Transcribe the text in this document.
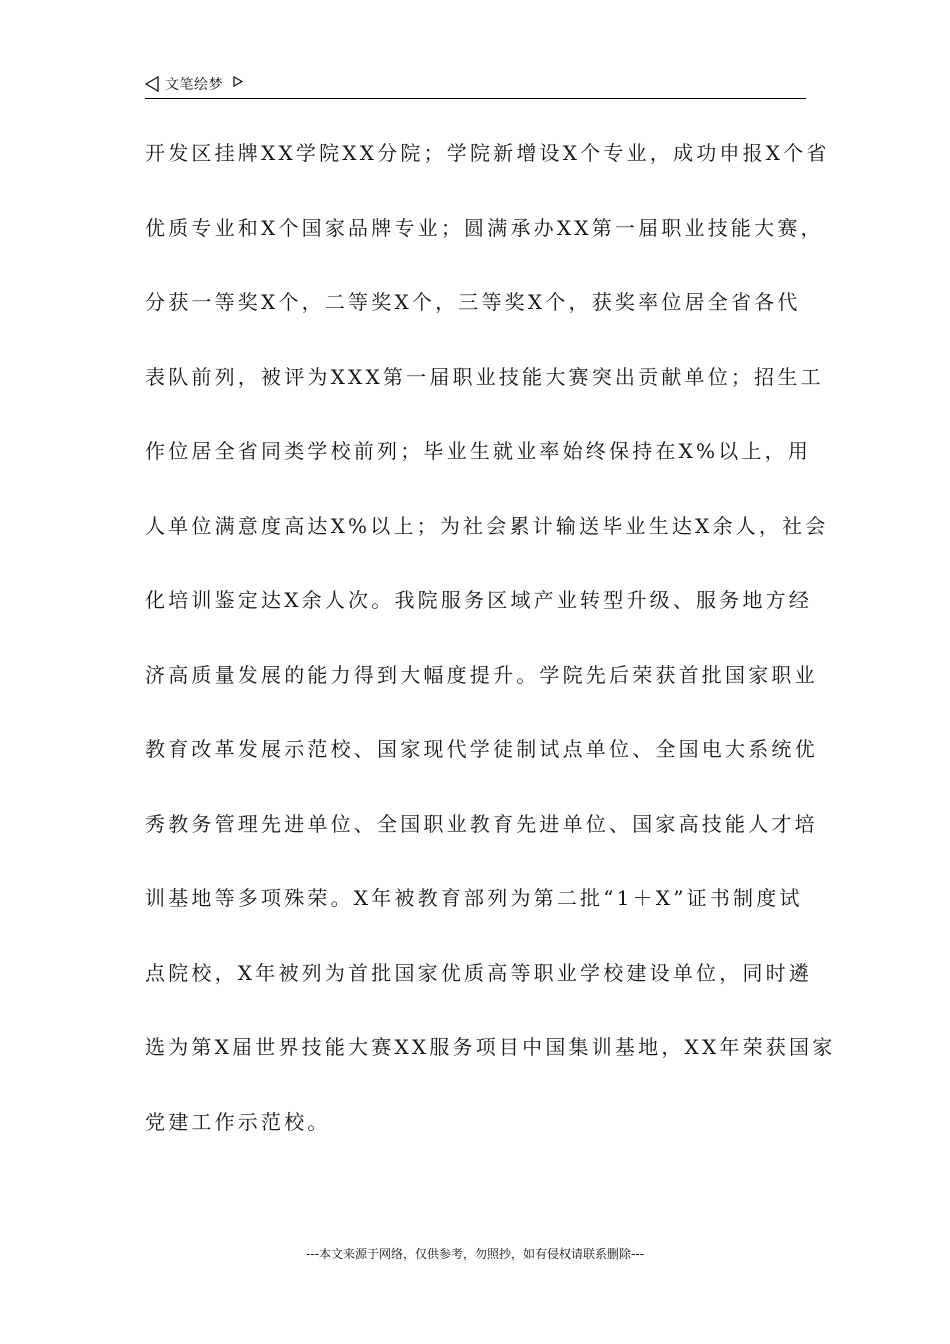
文笔绘梦
开发区挂牌XX学院XX分院；学院新增设X个专业，成功申报X个省
优质专业和X个国家品牌专业；圆满承办XX第一届职业技能大赛，
分获一等奖X个，二等奖X个，三等奖X个，获奖率位居全省各代
表队前列，被评为XXX第一届职业技能大赛突出贡献单位；招生工
作位居全省同类学校前列；毕业生就业率始终保持在X%以上，用
人单位满意度高达X%以上；为社会累计输送毕业生达X余人，社会
化培训鉴定达X余人次。我院服务区域产业转型升级、服务地方经
济高质量发展的能力得到大幅度提升。学院先后荣获首批国家职业
教育改革发展示范校、国家现代学徒制试点单位、全国电大系统优
秀教务管理先进单位、全国职业教育先进单位、国家高技能人才培
训基地等多项殊荣。X年被教育部列为第二批“1＋X”证书制度试
点院校，X年被列为首批国家优质高等职业学校建设单位，同时遴
选为第X届世界技能大赛XX服务项目中国集训基地，XX年荣获国家
党建工作示范校。
---本文来源于网络，仅供参考，勿照抄，如有侵权请联系删除---
